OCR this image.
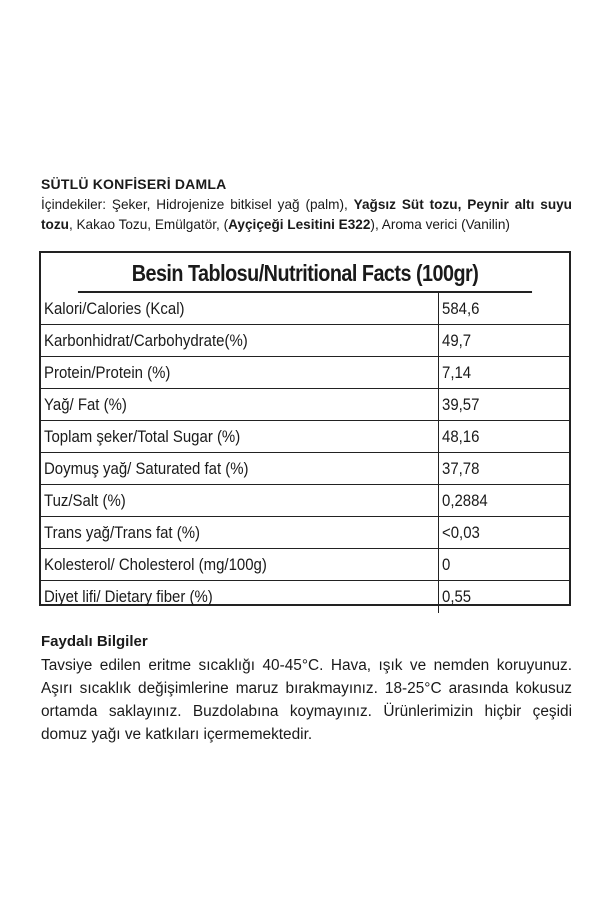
SÜTLÜ KONFİSERİ DAMLA
İçindekiler: Şeker, Hidrojenize bitkisel yağ (palm), Yağsız Süt tozu, Peynir altı suyu tozu, Kakao Tozu, Emülgatör, (Ayçiçeği Lesitini E322), Aroma verici (Vanilin)
Besin Tablosu/Nutritional Facts (100gr)
Kalori/Calories (Kcal)	584,6
Karbonhidrat/Carbohydrate(%)	49,7
Protein/Protein (%)	7,14
Yağ/ Fat (%)	39,57
Toplam şeker/Total Sugar (%)	48,16
Doymuş yağ/ Saturated fat (%)	37,78
Tuz/Salt (%)	0,2884
Trans yağ/Trans fat (%)	<0,03
Kolesterol/ Cholesterol (mg/100g)	0
Diyet lifi/ Dietary fiber (%)	0,55
Faydalı Bilgiler
Tavsiye edilen eritme sıcaklığı 40-45°C. Hava, ışık ve nemden koruyunuz. Aşırı sıcaklık değişimlerine maruz bırakmayınız. 18-25°C arasında kokusuz ortamda saklayınız. Buzdolabına koymayınız. Ürünlerimizin hiçbir çeşidi domuz yağı ve katkıları içermemektedir.
